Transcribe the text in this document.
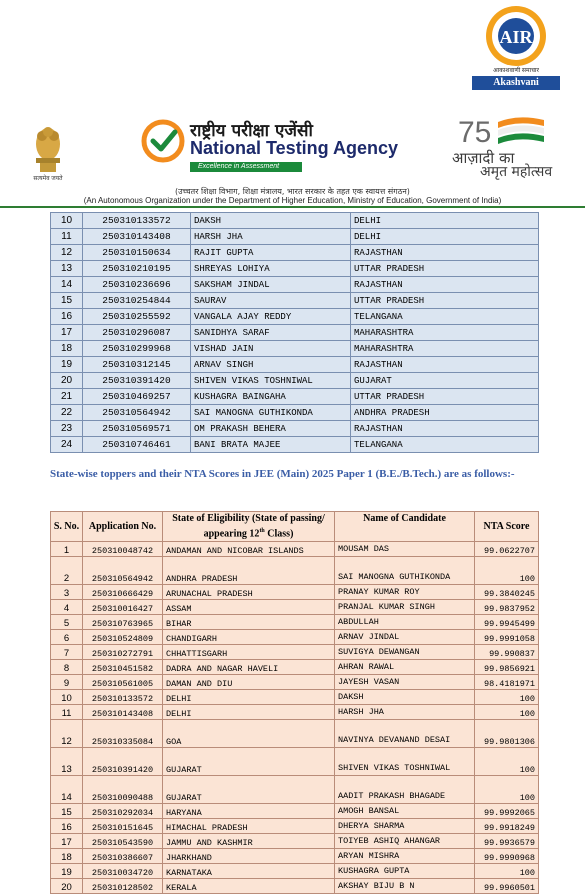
AIR
आकाशवाणी समाचार
Akashvani
सत्यमेव जयते
राष्ट्रीय परीक्षा एजेंसी
National Testing Agency
Excellence in Assessment
75
आज़ादी का
अमृत महोत्सव
(उच्चतर शिक्षा विभाग, शिक्षा मंत्रालय, भारत सरकार के तहत एक स्वायत्त संगठन)
(An Autonomous Organization under the Department of Higher Education, Ministry of Education, Government of India)
10	250310133572	DAKSH	DELHI
11	250310143408	HARSH JHA	DELHI
12	250310150634	RAJIT GUPTA	RAJASTHAN
13	250310210195	SHREYAS LOHIYA	UTTAR PRADESH
14	250310236696	SAKSHAM JINDAL	RAJASTHAN
15	250310254844	SAURAV	UTTAR PRADESH
16	250310255592	VANGALA AJAY REDDY	TELANGANA
17	250310296087	SANIDHYA SARAF	MAHARASHTRA
18	250310299968	VISHAD JAIN	MAHARASHTRA
19	250310312145	ARNAV SINGH	RAJASTHAN
20	250310391420	SHIVEN VIKAS TOSHNIWAL	GUJARAT
21	250310469257	KUSHAGRA BAINGAHA	UTTAR PRADESH
22	250310564942	SAI MANOGNA GUTHIKONDA	ANDHRA PRADESH
23	250310569571	OM PRAKASH BEHERA	RAJASTHAN
24	250310746461	BANI BRATA MAJEE	TELANGANA
State-wise toppers and their NTA Scores in JEE (Main) 2025 Paper 1 (B.E./B.Tech.) are as follows:-
S. No.	Application No.	State of Eligibility (State of passing/ appearing 12th Class)	Name of Candidate	NTA Score
1	250310048742	ANDAMAN AND NICOBAR ISLANDS	MOUSAM DAS	99.0622707
2	250310564942	ANDHRA PRADESH	SAI MANOGNA GUTHIKONDA	100
3	250310666429	ARUNACHAL PRADESH	PRANAY KUMAR ROY	99.3840245
4	250310016427	ASSAM	PRANJAL KUMAR SINGH	99.9837952
5	250310763965	BIHAR	ABDULLAH	99.9945499
6	250310524809	CHANDIGARH	ARNAV JINDAL	99.9991058
7	250310272791	CHHATTISGARH	SUVIGYA DEWANGAN	99.990837
8	250310451582	DADRA AND NAGAR HAVELI	AHRAN RAWAL	99.9856921
9	250310561005	DAMAN AND DIU	JAYESH VASAN	98.4181971
10	250310133572	DELHI	DAKSH	100
11	250310143408	DELHI	HARSH JHA	100
12	250310335084	GOA	NAVINYA DEVANAND DESAI	99.9801306
13	250310391420	GUJARAT	SHIVEN VIKAS TOSHNIWAL	100
14	250310090488	GUJARAT	AADIT PRAKASH BHAGADE	100
15	250310292034	HARYANA	AMOGH BANSAL	99.9992065
16	250310151645	HIMACHAL PRADESH	DHERYA SHARMA	99.9918249
17	250310543590	JAMMU AND KASHMIR	TOIYEB ASHIQ AHANGAR	99.9936579
18	250310386607	JHARKHAND	ARYAN MISHRA	99.9990968
19	250310034720	KARNATAKA	KUSHAGRA GUPTA	100
20	250310128502	KERALA	AKSHAY BIJU B N	99.9960501
